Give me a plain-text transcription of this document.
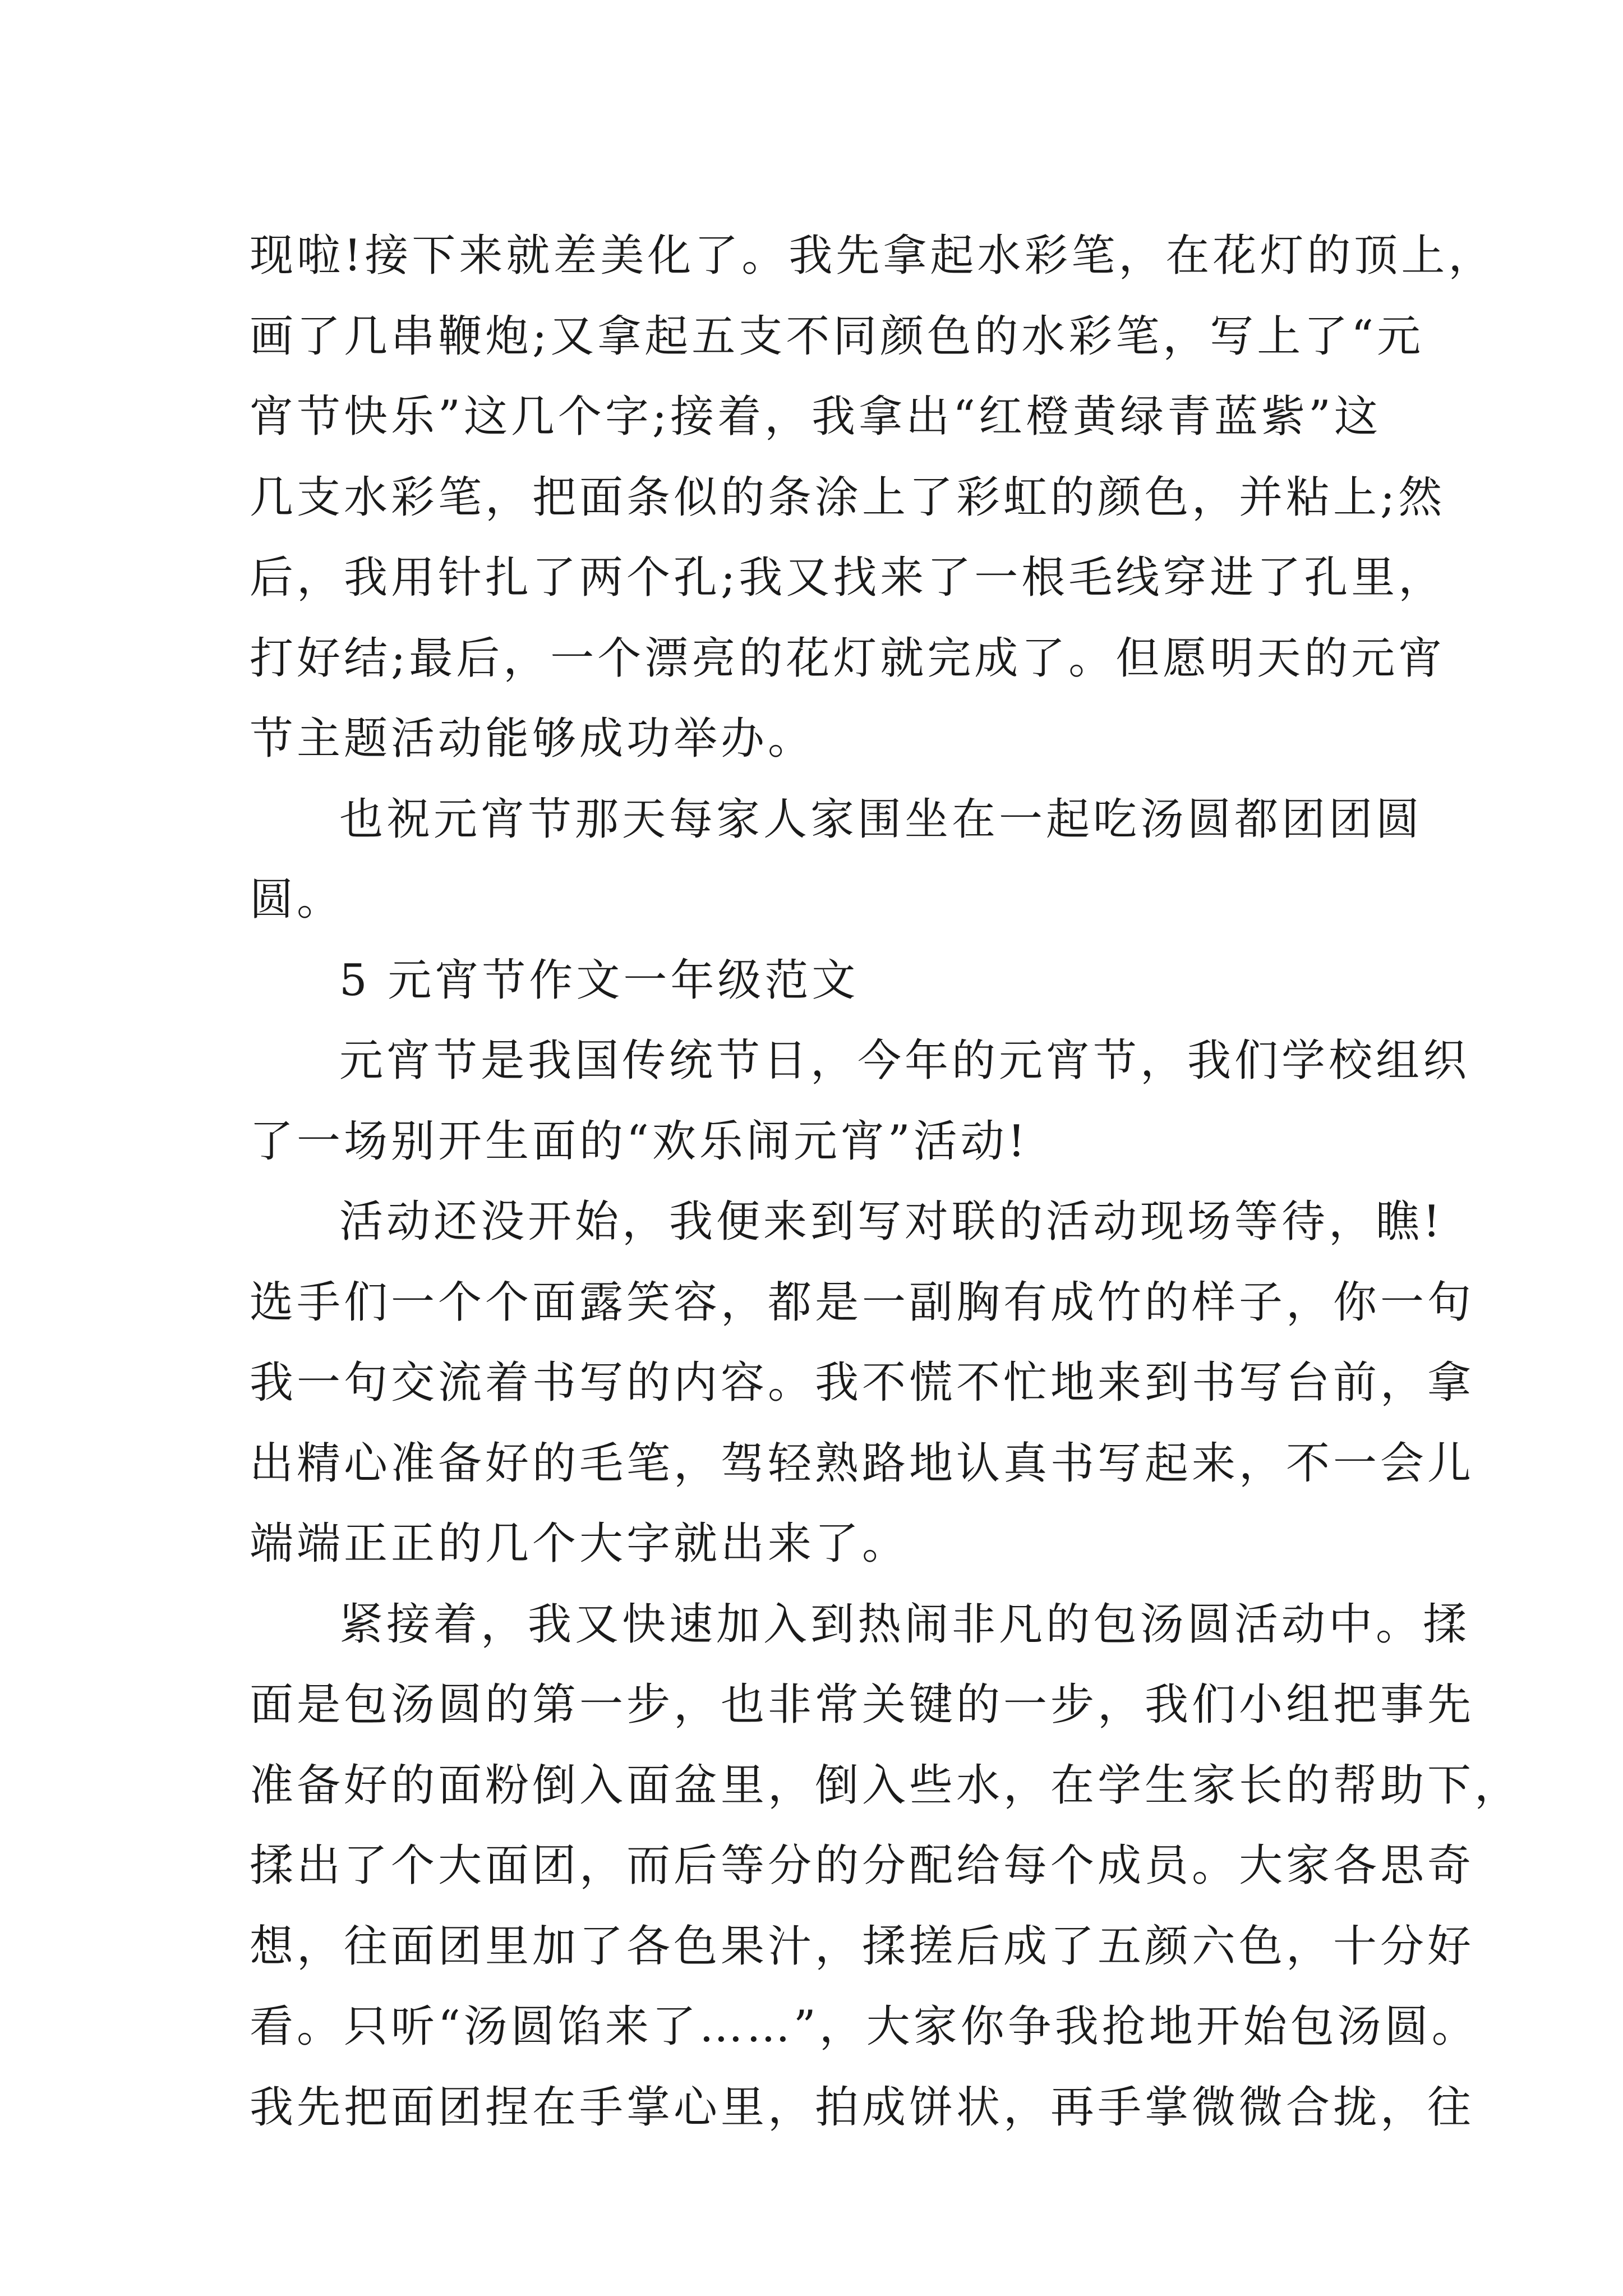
现啦!接下来就差美化了。我先拿起水彩笔，在花灯的顶上，
画了几串鞭炮;又拿起五支不同颜色的水彩笔，写上了“元
宵节快乐”这几个字;接着，我拿出“红橙黄绿青蓝紫”这
几支水彩笔，把面条似的条涂上了彩虹的颜色，并粘上;然
后，我用针扎了两个孔;我又找来了一根毛线穿进了孔里，
打好结;最后，一个漂亮的花灯就完成了。但愿明天的元宵
节主题活动能够成功举办。
也祝元宵节那天每家人家围坐在一起吃汤圆都团团圆
圆。
5 元宵节作文一年级范文
元宵节是我国传统节日，今年的元宵节，我们学校组织
了一场别开生面的“欢乐闹元宵”活动!
活动还没开始，我便来到写对联的活动现场等待，瞧!
选手们一个个面露笑容，都是一副胸有成竹的样子，你一句
我一句交流着书写的内容。我不慌不忙地来到书写台前，拿
出精心准备好的毛笔，驾轻熟路地认真书写起来，不一会儿
端端正正的几个大字就出来了。
紧接着，我又快速加入到热闹非凡的包汤圆活动中。揉
面是包汤圆的第一步，也非常关键的一步，我们小组把事先
准备好的面粉倒入面盆里，倒入些水，在学生家长的帮助下，
揉出了个大面团，而后等分的分配给每个成员。大家各思奇
想，往面团里加了各色果汁，揉搓后成了五颜六色，十分好
看。只听“汤圆馅来了……”，大家你争我抢地开始包汤圆。
我先把面团捏在手掌心里，拍成饼状，再手掌微微合拢，往
